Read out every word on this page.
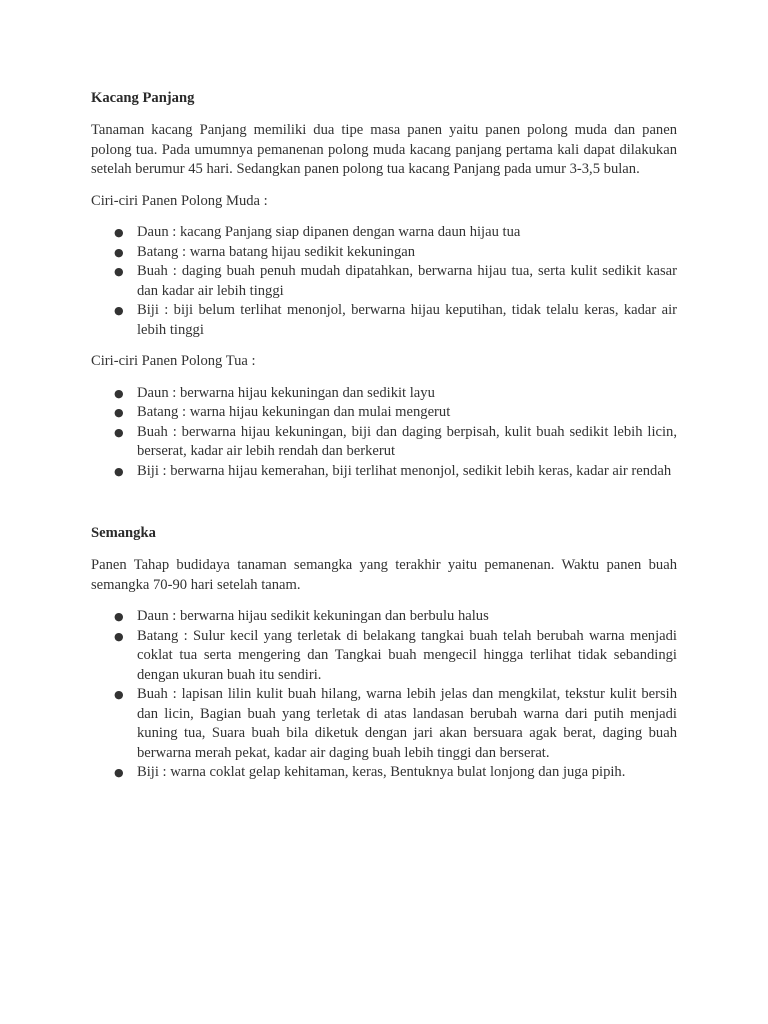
Kacang Panjang

Tanaman kacang Panjang memiliki dua tipe masa panen yaitu panen polong muda dan panen polong tua. Pada umumnya pemanenan polong muda kacang panjang pertama kali dapat dilakukan setelah berumur 45 hari. Sedangkan panen polong tua kacang Panjang pada umur 3-3,5 bulan.

Ciri-ciri Panen Polong Muda :

● Daun : kacang Panjang siap dipanen dengan warna daun hijau tua
● Batang : warna batang hijau sedikit kekuningan
● Buah : daging buah penuh mudah dipatahkan, berwarna hijau tua, serta kulit sedikit kasar dan kadar air lebih tinggi
● Biji : biji belum terlihat menonjol, berwarna hijau keputihan, tidak telalu keras, kadar air lebih tinggi

Ciri-ciri Panen Polong Tua :

● Daun : berwarna hijau kekuningan dan sedikit layu
● Batang : warna hijau kekuningan dan mulai mengerut
● Buah : berwarna hijau kekuningan, biji dan daging berpisah, kulit buah sedikit lebih licin, berserat, kadar air lebih rendah dan berkerut
● Biji : berwarna hijau kemerahan, biji terlihat menonjol, sedikit lebih keras, kadar air rendah
Semangka

Panen Tahap budidaya tanaman semangka yang terakhir yaitu pemanenan. Waktu panen buah semangka 70-90 hari setelah tanam.

● Daun : berwarna hijau sedikit kekuningan dan berbulu halus
● Batang : Sulur kecil yang terletak di belakang tangkai buah telah berubah warna menjadi coklat tua serta mengering dan Tangkai buah mengecil hingga terlihat tidak sebandingi dengan ukuran buah itu sendiri.
● Buah : lapisan lilin kulit buah hilang, warna lebih jelas dan mengkilat, tekstur kulit bersih dan licin, Bagian buah yang terletak di atas landasan berubah warna dari putih menjadi kuning tua, Suara buah bila diketuk dengan jari akan bersuara agak berat, daging buah berwarna merah pekat, kadar air daging buah lebih tinggi dan berserat.
● Biji : warna coklat gelap kehitaman, keras, Bentuknya bulat lonjong dan juga pipih.
